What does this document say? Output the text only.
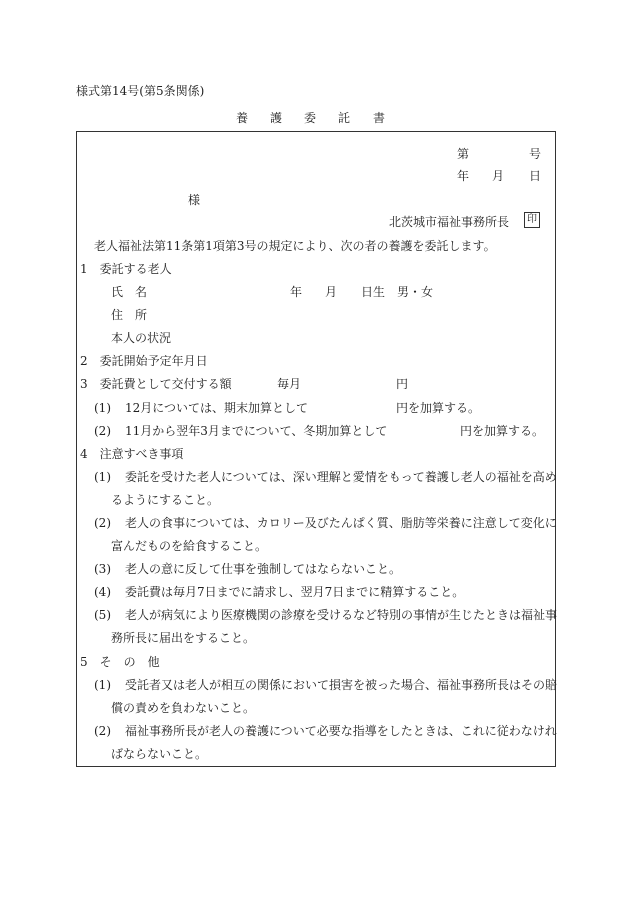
様式第14号(第5条関係)
養 護 委 託 書
第	号
年 月 日
様
北茨城市福祉事務所長	印
老人福祉法第11条第1項第3号の規定により、次の者の養護を委託します。
1　委託する老人
氏　名	年 月 日生 男・女
住　所
本人の状況
2　委託開始予定年月日
3　委託費として交付する額	毎月	円
(1) 12月については、期末加算として	円を加算する。
(2) 11月から翌年3月までについて、冬期加算として	円を加算する。
4　注意すべき事項
(1) 委託を受けた老人については、深い理解と愛情をもって養護し老人の福祉を高め
るようにすること。
(2) 老人の食事については、カロリー及びたんぱく質、脂肪等栄養に注意して変化に
富んだものを給食すること。
(3) 老人の意に反して仕事を強制してはならないこと。
(4) 委託費は毎月7日までに請求し、翌月7日までに精算すること。
(5) 老人が病気により医療機関の診療を受けるなど特別の事情が生じたときは福祉事
務所長に届出をすること。
5　そ　の　他
(1) 受託者又は老人が相互の関係において損害を被った場合、福祉事務所長はその賠
償の責めを負わないこと。
(2) 福祉事務所長が老人の養護について必要な指導をしたときは、これに従わなけれ
ばならないこと。
